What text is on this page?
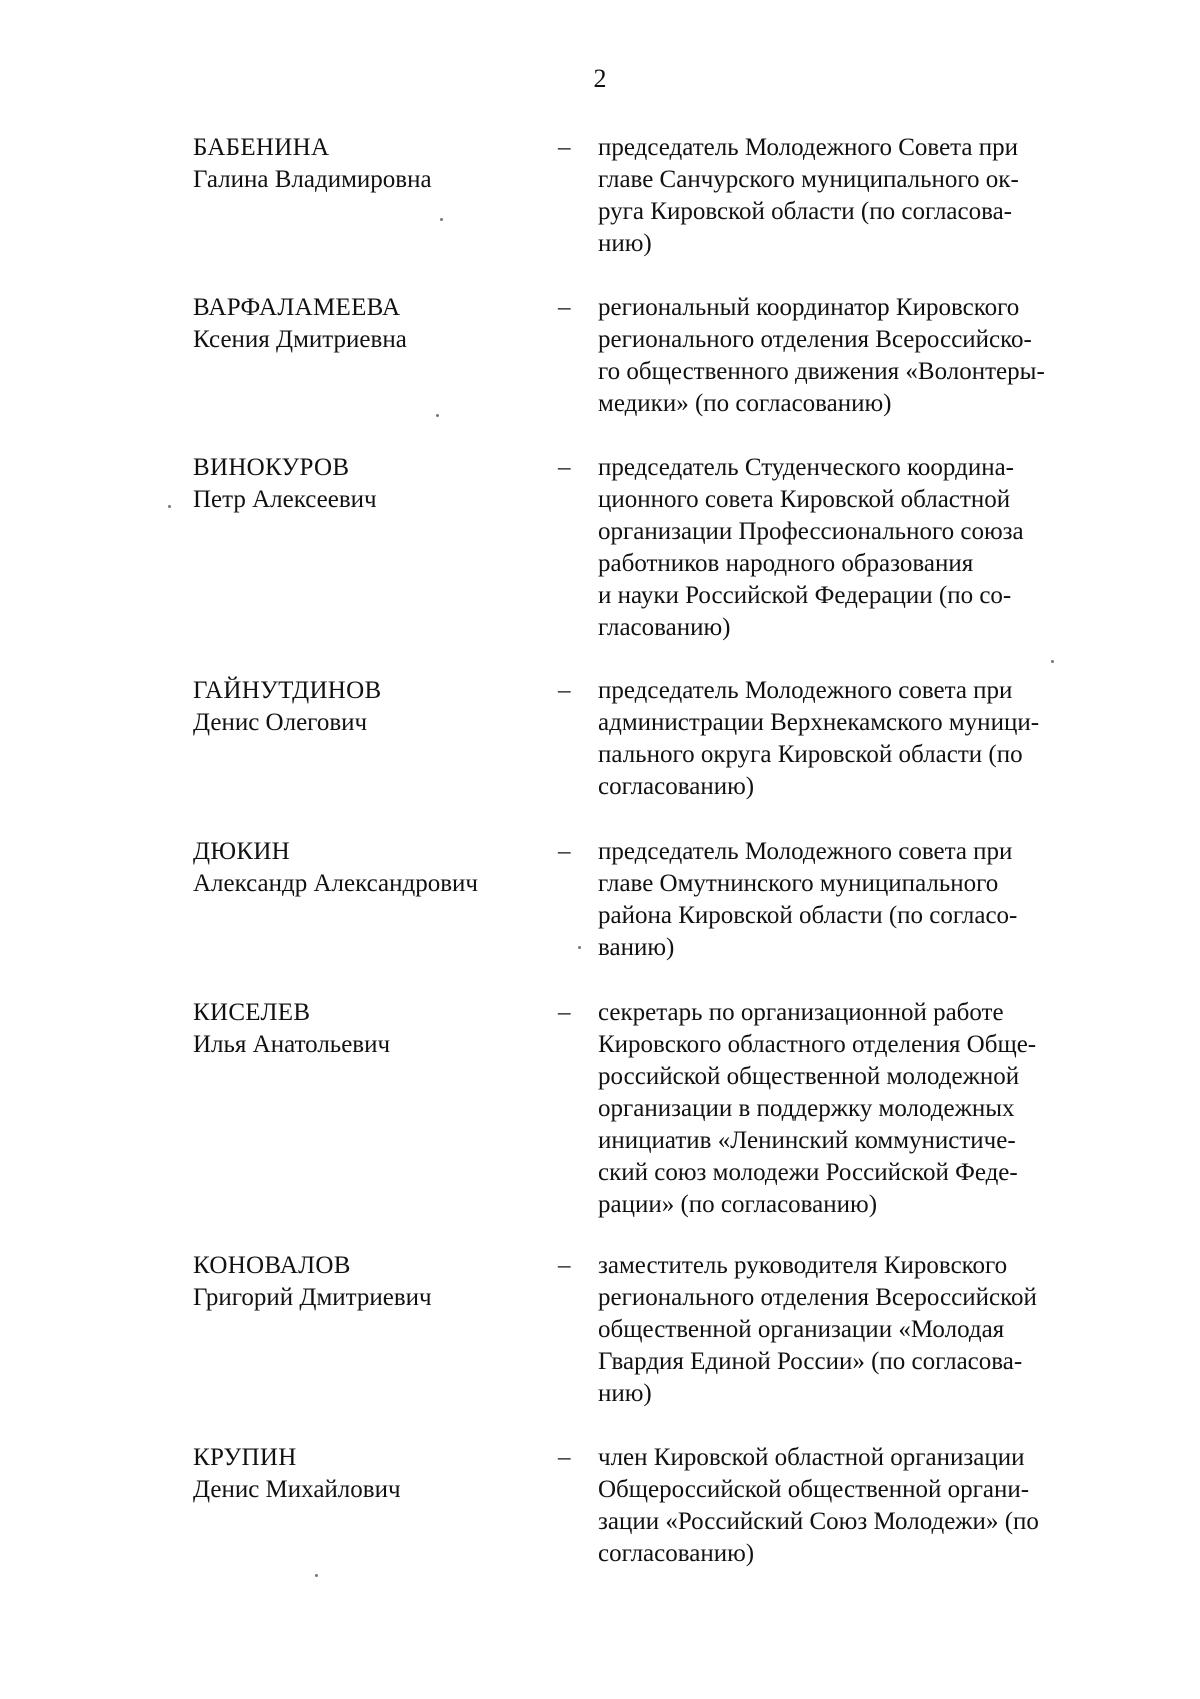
2
БАБЕНИНА
Галина Владимировна
– председатель Молодежного Совета при
главе Санчурского муниципального ок-
руга Кировской области (по согласова-
нию)
ВАРФАЛАМЕЕВА
Ксения Дмитриевна
– региональный координатор Кировского
регионального отделения Всероссийско-
го общественного движения «Волонтеры-
медики» (по согласованию)
ВИНОКУРОВ
Петр Алексеевич
– председатель Студенческого координа-
ционного совета Кировской областной
организации Профессионального союза
работников народного образования
и науки Российской Федерации (по со-
гласованию)
ГАЙНУТДИНОВ
Денис Олегович
– председатель Молодежного совета при
администрации Верхнекамского муници-
пального округа Кировской области (по
согласованию)
ДЮКИН
Александр Александрович
– председатель Молодежного совета при
главе Омутнинского муниципального
района Кировской области (по согласо-
ванию)
КИСЕЛЕВ
Илья Анатольевич
– секретарь по организационной работе
Кировского областного отделения Обще-
российской общественной молодежной
организации в поддержку молодежных
инициатив «Ленинский коммунистиче-
ский союз молодежи Российской Феде-
рации» (по согласованию)
КОНОВАЛОВ
Григорий Дмитриевич
– заместитель руководителя Кировского
регионального отделения Всероссийской
общественной организации «Молодая
Гвардия Единой России» (по согласова-
нию)
КРУПИН
Денис Михайлович
– член Кировской областной организации
Общероссийской общественной органи-
зации «Российский Союз Молодежи» (по
согласованию)
